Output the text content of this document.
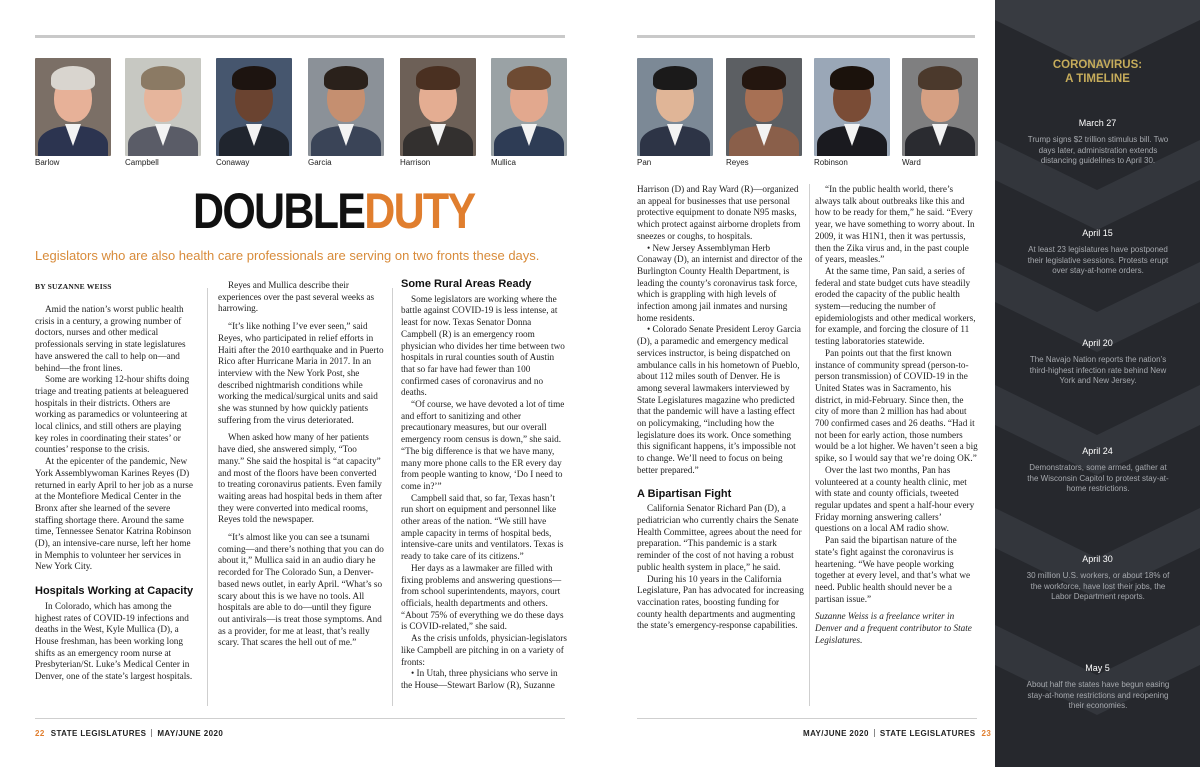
Barlow	Campbell	Conaway	Garcia	Harrison	Mullica	Pan	Reyes	Robinson	Ward
DOUBLEDUTY
Legislators who are also health care professionals are serving on two fronts these days.
BY SUZANNE WEISS

Amid the nation’s worst public health crisis in a century, a growing number of doctors, nurses and other medical professionals serving in state legislatures have answered the call to help on—and behind—the front lines.

Some are working 12-hour shifts doing triage and treating patients at beleaguered hospitals in their districts. Others are working as paramedics or volunteering at local clinics, and still others are playing key roles in coordinating their states’ or counties’ response to the crisis.

At the epicenter of the pandemic, New York Assemblywoman Karines Reyes (D) returned in early April to her job as a nurse at the Montefiore Medical Center in the Bronx after she learned of the severe staffing shortage there. Around the same time, Tennessee Senator Katrina Robinson (D), an intensive-care nurse, left her home in Memphis to volunteer her services in New York City.

Hospitals Working at Capacity

In Colorado, which has among the highest rates of COVID-19 infections and deaths in the West, Kyle Mullica (D), a House freshman, has been working long shifts as an emergency room nurse at Presbyterian/St. Luke’s Medical Center in Denver, one of the state’s largest hospitals.

Reyes and Mullica describe their experiences over the past several weeks as harrowing.

“It’s like nothing I’ve ever seen,” said Reyes, who participated in relief efforts in Haiti after the 2010 earthquake and in Puerto Rico after Hurricane Maria in 2017. In an interview with the New York Post, she described nightmarish conditions while working the medical/surgical units and said she was stunned by how quickly patients suffering from the virus deteriorated.

When asked how many of her patients have died, she answered simply, “Too many.” She said the hospital is “at capacity” and most of the floors have been converted to treating coronavirus patients. Even family waiting areas had hospital beds in them after they were converted into medical rooms, Reyes told the newspaper.

“It’s almost like you can see a tsunami coming—and there’s nothing that you can do about it,” Mullica said in an audio diary he recorded for The Colorado Sun, a Denver-based news outlet, in early April. “What’s so scary about this is we have no tools. All hospitals are able to do—until they figure out antivirals—is treat those symptoms. And as a provider, for me at least, that’s really scary. That scares the hell out of me.”

Some Rural Areas Ready

Some legislators are working where the battle against COVID-19 is less intense, at least for now. Texas Senator Donna Campbell (R) is an emergency room physician who divides her time between two hospitals in rural counties south of Austin that so far have had fewer than 100 confirmed cases of coronavirus and no deaths.

“Of course, we have devoted a lot of time and effort to sanitizing and other precautionary measures, but our overall emergency room census is down,” she said. “The big difference is that we have many, many more phone calls to the ER every day from people wanting to know, ‘Do I need to come in?’”

Campbell said that, so far, Texas hasn’t run short on equipment and personnel like other areas of the nation. “We still have ample capacity in terms of hospital beds, intensive-care units and ventilators. Texas is ready to take care of its citizens.”

Her days as a lawmaker are filled with fixing problems and answering questions—from school superintendents, mayors, court officials, health departments and others. “About 75% of everything we do these days is COVID-related,” she said.

As the crisis unfolds, physician-legislators like Campbell are pitching in on a variety of fronts:

• In Utah, three physicians who serve in the House—Stewart Barlow (R), Suzanne

Harrison (D) and Ray Ward (R)—organized an appeal for businesses that use personal protective equipment to donate N95 masks, which protect against airborne droplets from sneezes or coughs, to hospitals.

• New Jersey Assemblyman Herb Conaway (D), an internist and director of the Burlington County Health Department, is leading the county’s coronavirus task force, which is grappling with high levels of infection among jail inmates and nursing home residents.

• Colorado Senate President Leroy Garcia (D), a paramedic and emergency medical services instructor, is being dispatched on ambulance calls in his hometown of Pueblo, about 112 miles south of Denver. He is among several lawmakers interviewed by State Legislatures magazine who predicted that the pandemic will have a lasting effect on policymaking, “including how the legislature does its work. Once something this significant happens, it’s impossible not to change. We’ll need to focus on being better prepared.”

A Bipartisan Fight

California Senator Richard Pan (D), a pediatrician who currently chairs the Senate Health Committee, agrees about the need for preparation. “This pandemic is a stark reminder of the cost of not having a robust public health system in place,” he said.

During his 10 years in the California Legislature, Pan has advocated for increasing vaccination rates, boosting funding for county health departments and augmenting the state’s emergency-response capabilities.

“In the public health world, there’s always talk about outbreaks like this and how to be ready for them,” he said. “Every year, we have something to worry about. In 2009, it was H1N1, then it was pertussis, then the Zika virus and, in the past couple of years, measles.”

At the same time, Pan said, a series of federal and state budget cuts have steadily eroded the capacity of the public health system—reducing the number of epidemiologists and other medical workers, for example, and forcing the closure of 11 testing laboratories statewide.

Pan points out that the first known instance of community spread (person-to-person transmission) of COVID-19 in the United States was in Sacramento, his district, in mid-February. Since then, the city of more than 2 million has had about 700 confirmed cases and 26 deaths. “Had it not been for early action, those numbers would be a lot higher. We haven’t seen a big spike, so I would say that we’re doing OK.”

Over the last two months, Pan has volunteered at a county health clinic, met with state and county officials, tweeted regular updates and spent a half-hour every Friday morning answering callers’ questions on a local AM radio show.

Pan said the bipartisan nature of the state’s fight against the coronavirus is heartening. “We have people working together at every level, and that’s what we need. Public health should never be a partisan issue.”

Suzanne Weiss is a freelance writer in Denver and a frequent contributor to State Legislatures.

22 STATE LEGISLATURES MAY/JUNE 2020	MAY/JUNE 2020 STATE LEGISLATURES 23
CORONAVIRUS:
A TIMELINE
March 27
Trump signs $2 trillion stimulus bill. Two days later, administration extends distancing guidelines to April 30.
April 15
At least 23 legislatures have postponed their legislative sessions. Protests erupt over stay-at-home orders.
April 20
The Navajo Nation reports the nation’s third-highest infection rate behind New York and New Jersey.
April 24
Demonstrators, some armed, gather at the Wisconsin Capitol to protest stay-at-home restrictions.
April 30
30 million U.S. workers, or about 18% of the workforce, have lost their jobs, the Labor Department reports.
May 5
About half the states have begun easing stay-at-home restrictions and reopening their economies.
